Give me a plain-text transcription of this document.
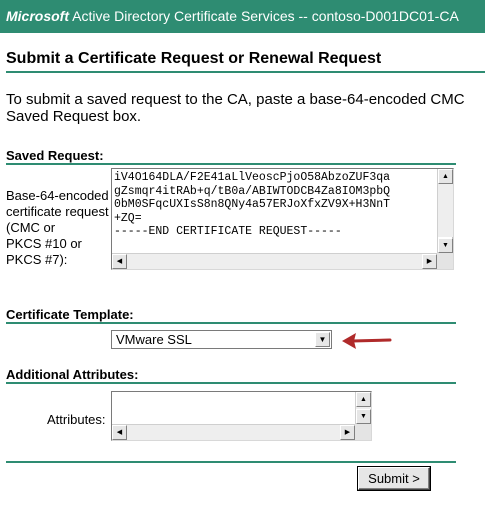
Microsoft Active Directory Certificate Services -- contoso-D001DC01-CA
Submit a Certificate Request or Renewal Request
To submit a saved request to the CA, paste a base-64-encoded CMC
Saved Request box.
Saved Request:
Base-64-encoded
certificate request
(CMC or
PKCS #10 or
PKCS #7):
iV4O164DLA/F2E41aLlVeoscPjoO58AbzoZUF3qa
gZsmqr4itRAb+q/tB0a/ABIWTODCB4Za8IOM3pbQ
0bM0SFqcUXIsS8n8QNy4a57ERJoXfxZV9X+H3NnT
+ZQ=
-----END CERTIFICATE REQUEST-----

▲
▼
◀	▶
Certificate Template:
VMware SSL	▼
Additional Attributes:
Attributes:
▲
▼
◀	▶
Submit >
